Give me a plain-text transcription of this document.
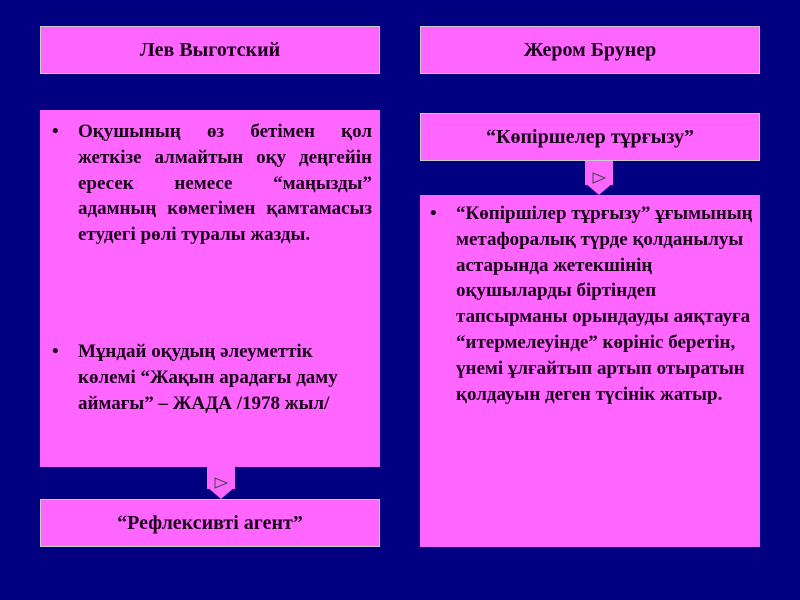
Лев Выготский	Жером Брунер
•	Оқушының өз бетімен қол жеткізе алмайтын оқу деңгейін ересек немесе “маңызды” адамның көмегімен қамтамасыз етудегі рөлі туралы жазды.
•	Мұндай оқудың әлеуметтік көлемі “Жақын арадағы даму аймағы” – ЖАДА /1978 жыл/
“Көпіршелер тұрғызу”
•	“Көпіршілер тұрғызу” ұғымының метафоралық түрде қолданылуы астарында жетекшінің оқушыларды біртіндеп тапсырманы орындауды аяқтауға “итермелеуінде” көрініс беретін, үнемі ұлғайтып артып отыратын қолдауын деген түсінік жатыр.
“Рефлексивті агент”
